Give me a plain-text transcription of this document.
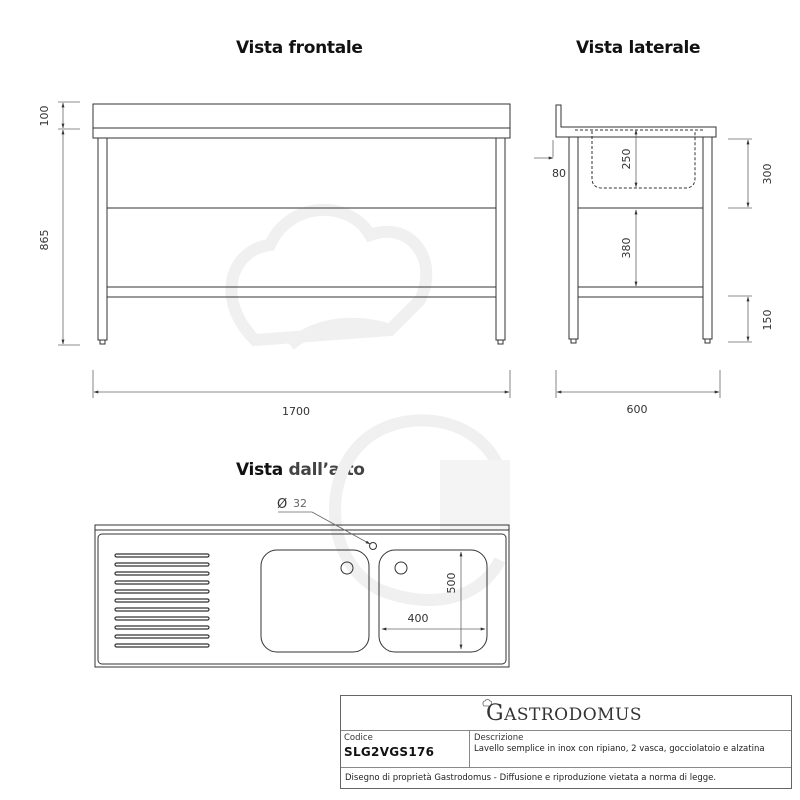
Vista frontale	Vista laterale
Vista dall’alto
100
865
1700
80
250
380
300
150
600
Ø 32
500
400
GASTRODOMUS
Codice
SLG2VGS176
Descrizione
Lavello semplice in inox con ripiano, 2 vasca, gocciolatoio e alzatina
Disegno di proprietà Gastrodomus - Diffusione e riproduzione vietata a norma di legge.
